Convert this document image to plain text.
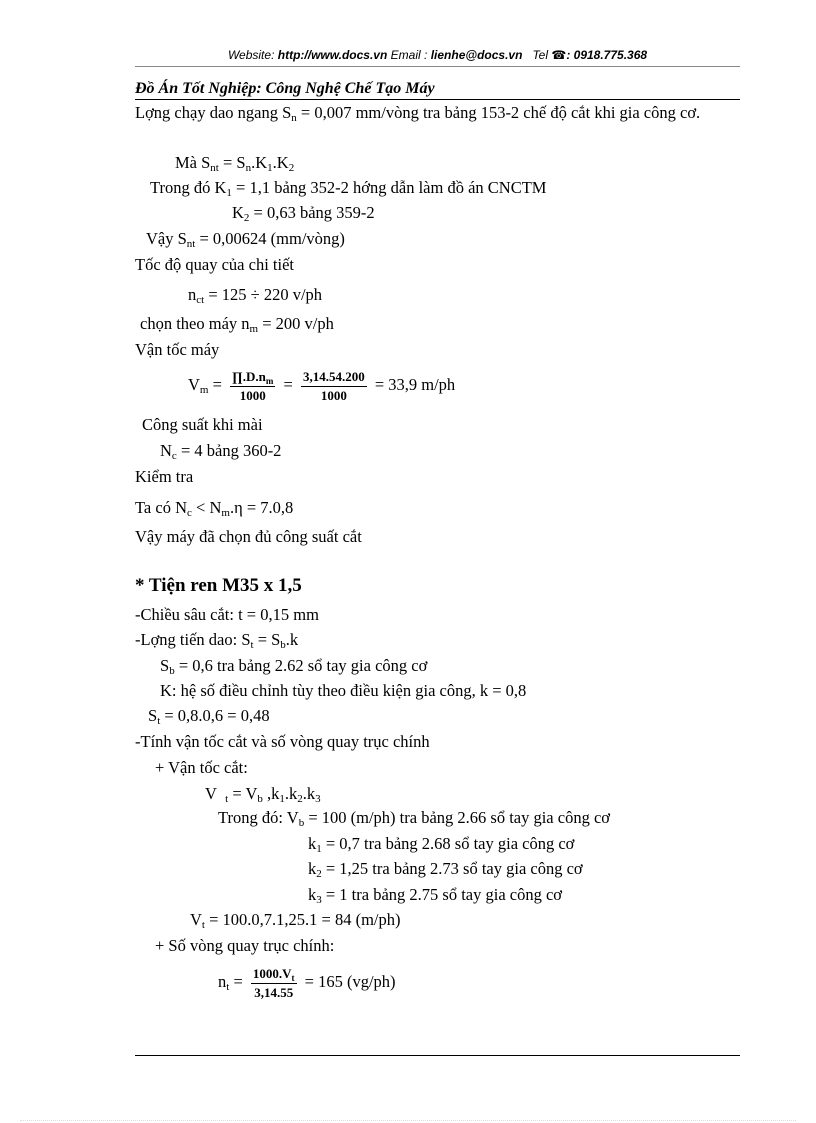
Website: http://www.docs.vn Email : lienhe@docs.vn Tel ☎: 0918.775.368
Đồ Án Tốt Nghiệp: Công Nghệ Chế Tạo Máy
Lợng chạy dao ngang $S_n = 0,007$ mm/vòng tra bảng 153-2 chế độ cắt khi gia công cơ.
Mà $S_{nt} = S_n.K_1.K_2$
Trong đó $K_1 = 1,1$ bảng 352-2 hớng dẫn làm đồ án CNCTM
$K_2 = 0,63$ bảng 359-2
Vậy $S_{nt} = 0,00624$ (mm/vòng)
Tốc độ quay của chi tiết
$n_{ct} = 125 \div 220$ v/ph
chọn theo máy $n_m = 200$ v/ph
Vận tốc máy
$V_m = \frac{\prod.D.n_m}{1000} = \frac{3,14.54.200}{1000} = 33,9$ m/ph
Công suất khi mài
$N_c = 4$ bảng 360-2
Kiểm tra
Ta có $N_c < N_m.\eta = 7.0,8$
Vậy máy đã chọn đủ công suất cắt
* Tiện ren M35 x 1,5
-Chiều sâu cắt: t = 0,15 mm
-Lợng tiến dao: $S_t = S_b.k$
$S_b = 0,6$ tra bảng 2.62 sổ tay gia công cơ
K: hệ số điều chỉnh tùy theo điều kiện gia công, k = 0,8
$S_t = 0,8.0,6 = 0,48$
-Tính vận tốc cắt và số vòng quay trục chính
+ Vận tốc cắt:
V $_t = V_b$ $,k_1.k_2.k_3$
Trong đó: $V_b = 100$ (m/ph) tra bảng 2.66 sổ tay gia công cơ
$k_1 = 0,7$ tra bảng 2.68 sổ tay gia công cơ
$k_2 = 1,25$ tra bảng 2.73 sổ tay gia công cơ
$k_3 = 1$ tra bảng 2.75 sổ tay gia công cơ
$V_t = 100.0,7.1,25.1 = 84$ (m/ph)
+ Số vòng quay trục chính:
$n_t = \frac{1000.V_t}{3,14.55} = 165$ (vg/ph)
